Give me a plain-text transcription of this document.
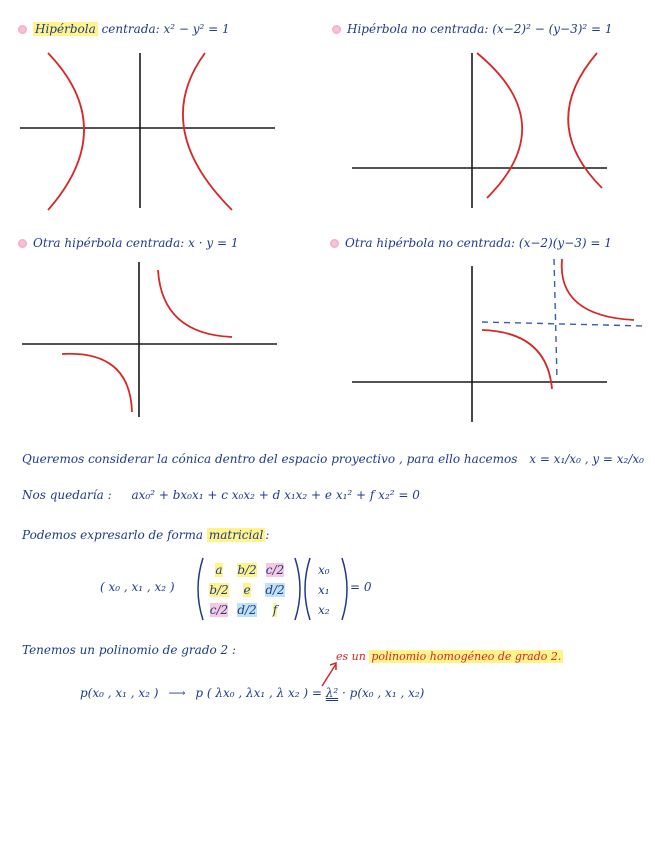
Hipérbola centrada: x² − y² = 1	Hipérbola no centrada: (x−2)² − (y−3)² = 1
Otra hipérbola centrada: x · y = 1	Otra hipérbola no centrada: (x−2)(y−3) = 1
Queremos considerar la cónica dentro del espacio proyectivo , para ello hacemos x = x₁/x₀ , y = x₂/x₀
Nos quedaría : ax₀² + bx₀x₁ + c x₀x₂ + d x₁x₂ + e x₁² + f x₂² = 0
Podemos expresarlo de forma matricial :
( x₀ , x₁ , x₂ )
a b/2 c/2
b/2 e d/2
c/2 d/2 f
x₀
x₁
x₂
= 0
Tenemos un polinomio de grado 2 :	es un polinomio homogéneo de grado 2.
p(x₀ , x₁ , x₂ ) ⟶ p ( λx₀ , λx₁ , λ x₂ ) = λ² · p(x₀ , x₁ , x₂)
